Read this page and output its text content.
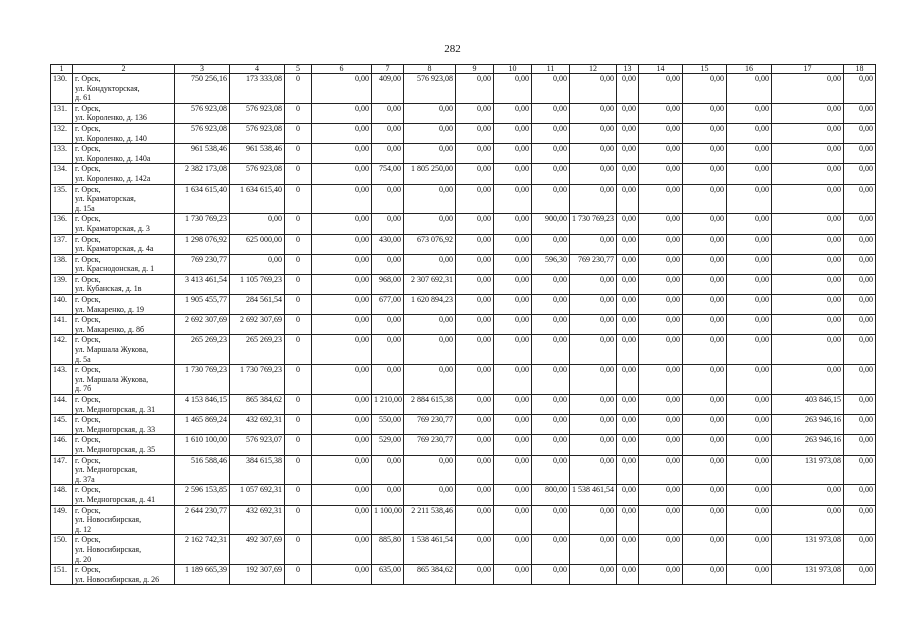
282
1	2	3	4	5	6	7	8	9	10	11	12	13	14	15	16	17	18
130.	г. Орск,
ул. Кондукторская,
д. 61	750 256,16	173 333,08	0	0,00	409,00	576 923,08	0,00	0,00	0,00	0,00	0,00	0,00	0,00	0,00	0,00	0,00
131.	г. Орск,
ул. Короленко, д. 136	576 923,08	576 923,08	0	0,00	0,00	0,00	0,00	0,00	0,00	0,00	0,00	0,00	0,00	0,00	0,00	0,00
132.	г. Орск,
ул. Короленко, д. 140	576 923,08	576 923,08	0	0,00	0,00	0,00	0,00	0,00	0,00	0,00	0,00	0,00	0,00	0,00	0,00	0,00
133.	г. Орск,
ул. Короленко, д. 140а	961 538,46	961 538,46	0	0,00	0,00	0,00	0,00	0,00	0,00	0,00	0,00	0,00	0,00	0,00	0,00	0,00
134.	г. Орск,
ул. Короленко, д. 142а	2 382 173,08	576 923,08	0	0,00	754,00	1 805 250,00	0,00	0,00	0,00	0,00	0,00	0,00	0,00	0,00	0,00	0,00
135.	г. Орск,
ул. Краматорская,
д. 15а	1 634 615,40	1 634 615,40	0	0,00	0,00	0,00	0,00	0,00	0,00	0,00	0,00	0,00	0,00	0,00	0,00	0,00
136.	г. Орск,
ул. Краматорская, д. 3	1 730 769,23	0,00	0	0,00	0,00	0,00	0,00	0,00	900,00	1 730 769,23	0,00	0,00	0,00	0,00	0,00	0,00
137.	г. Орск,
ул. Краматорская, д. 4а	1 298 076,92	625 000,00	0	0,00	430,00	673 076,92	0,00	0,00	0,00	0,00	0,00	0,00	0,00	0,00	0,00	0,00
138.	г. Орск,
ул. Краснодонская, д. 1	769 230,77	0,00	0	0,00	0,00	0,00	0,00	0,00	596,30	769 230,77	0,00	0,00	0,00	0,00	0,00	0,00
139.	г. Орск,
ул. Кубанская, д. 1в	3 413 461,54	1 105 769,23	0	0,00	968,00	2 307 692,31	0,00	0,00	0,00	0,00	0,00	0,00	0,00	0,00	0,00	0,00
140.	г. Орск,
ул. Макаренко, д. 19	1 905 455,77	284 561,54	0	0,00	677,00	1 620 894,23	0,00	0,00	0,00	0,00	0,00	0,00	0,00	0,00	0,00	0,00
141.	г. Орск,
ул. Макаренко, д. 8б	2 692 307,69	2 692 307,69	0	0,00	0,00	0,00	0,00	0,00	0,00	0,00	0,00	0,00	0,00	0,00	0,00	0,00
142.	г. Орск,
ул. Маршала Жукова,
д. 5а	265 269,23	265 269,23	0	0,00	0,00	0,00	0,00	0,00	0,00	0,00	0,00	0,00	0,00	0,00	0,00	0,00
143.	г. Орск,
ул. Маршала Жукова,
д. 7б	1 730 769,23	1 730 769,23	0	0,00	0,00	0,00	0,00	0,00	0,00	0,00	0,00	0,00	0,00	0,00	0,00	0,00
144.	г. Орск,
ул. Медногорская, д. 31	4 153 846,15	865 384,62	0	0,00	1 210,00	2 884 615,38	0,00	0,00	0,00	0,00	0,00	0,00	0,00	0,00	403 846,15	0,00
145.	г. Орск,
ул. Медногорская, д. 33	1 465 869,24	432 692,31	0	0,00	550,00	769 230,77	0,00	0,00	0,00	0,00	0,00	0,00	0,00	0,00	263 946,16	0,00
146.	г. Орск,
ул. Медногорская, д. 35	1 610 100,00	576 923,07	0	0,00	529,00	769 230,77	0,00	0,00	0,00	0,00	0,00	0,00	0,00	0,00	263 946,16	0,00
147.	г. Орск,
ул. Медногорская,
д. 37а	516 588,46	384 615,38	0	0,00	0,00	0,00	0,00	0,00	0,00	0,00	0,00	0,00	0,00	0,00	131 973,08	0,00
148.	г. Орск,
ул. Медногорская, д. 41	2 596 153,85	1 057 692,31	0	0,00	0,00	0,00	0,00	0,00	800,00	1 538 461,54	0,00	0,00	0,00	0,00	0,00	0,00
149.	г. Орск,
ул. Новосибирская,
д. 12	2 644 230,77	432 692,31	0	0,00	1 100,00	2 211 538,46	0,00	0,00	0,00	0,00	0,00	0,00	0,00	0,00	0,00	0,00
150.	г. Орск,
ул. Новосибирская,
д. 20	2 162 742,31	492 307,69	0	0,00	885,80	1 538 461,54	0,00	0,00	0,00	0,00	0,00	0,00	0,00	0,00	131 973,08	0,00
151.	г. Орск,
ул. Новосибирская, д. 26	1 189 665,39	192 307,69	0	0,00	635,00	865 384,62	0,00	0,00	0,00	0,00	0,00	0,00	0,00	0,00	131 973,08	0,00
